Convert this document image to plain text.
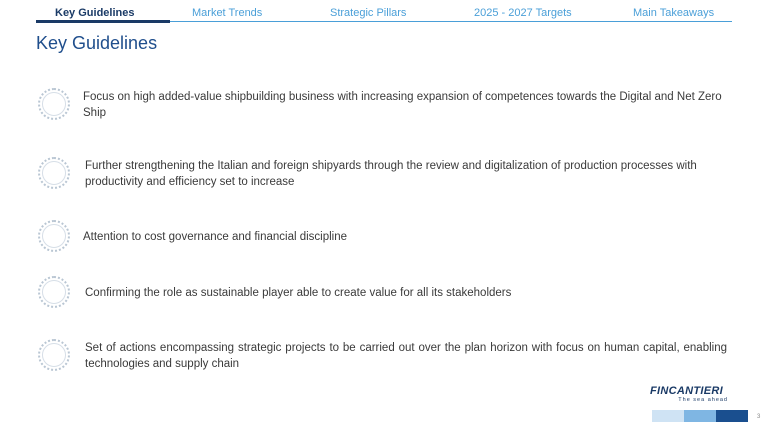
Key Guidelines	Market Trends	Strategic Pillars	2025 - 2027 Targets	Main Takeaways
Key Guidelines
Focus on high added-value shipbuilding business with increasing expansion of competences towards the Digital and Net Zero Ship
Further strengthening the Italian and foreign shipyards through the review and digitalization of production processes with productivity and efficiency set to increase
Attention to cost governance and financial discipline
Confirming the role as sustainable player able to create value for all its stakeholders
Set of actions encompassing strategic projects to be carried out over the plan horizon with focus on human capital, enabling technologies and supply chain
FINCANTIERI
The sea ahead
3
